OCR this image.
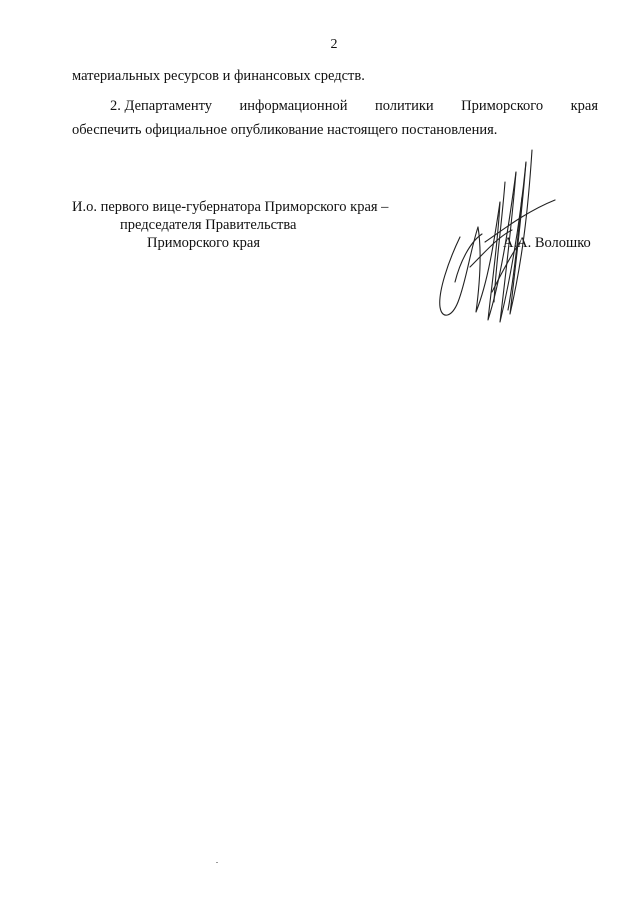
2
материальных ресурсов и финансовых средств.
2. Департаменту информационной политики Приморского края
обеспечить официальное опубликование настоящего постановления.
И.о. первого вице-губернатора Приморского края –
председателя Правительства
Приморского края	А.А. Волошко
